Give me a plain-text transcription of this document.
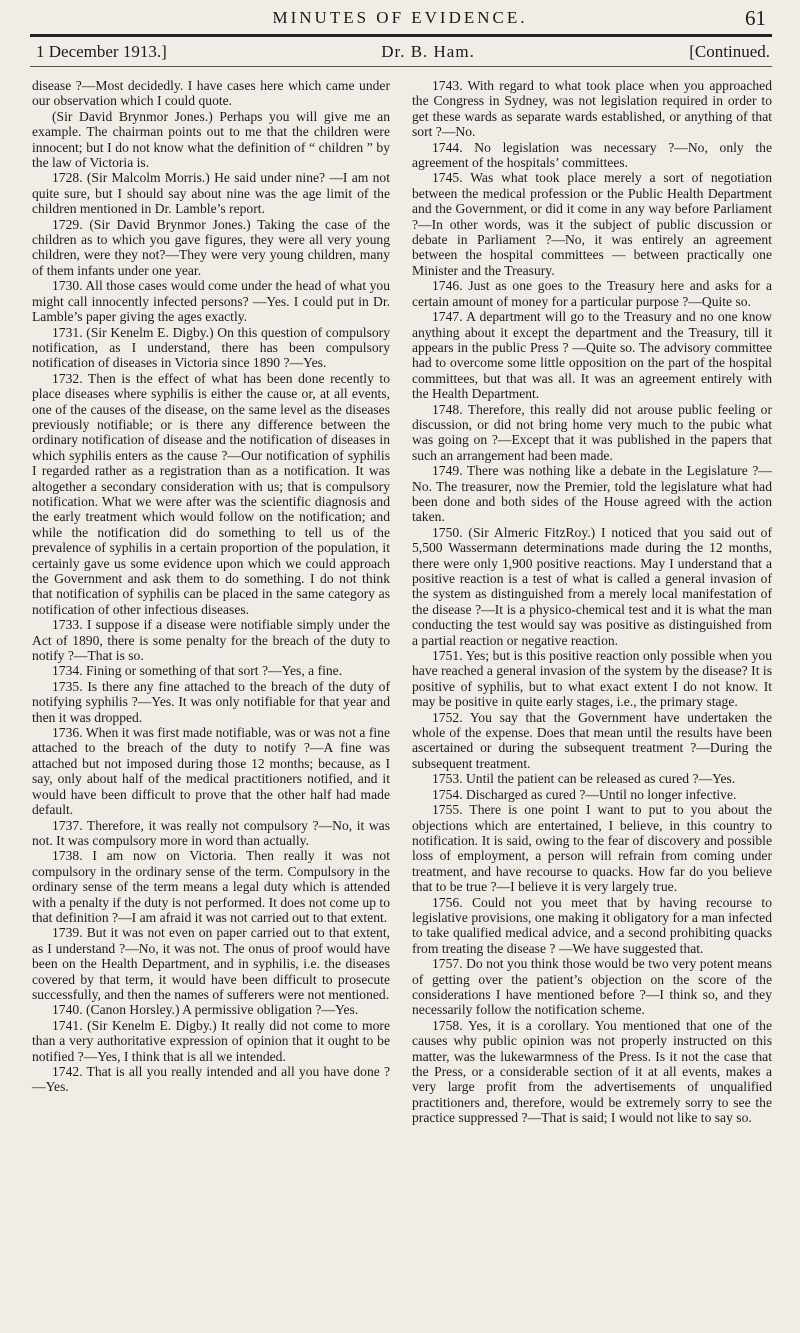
MINUTES OF EVIDENCE.	61
1 December 1913.]	Dr. B. Ham.	[Continued.

disease ?—Most decidedly. I have cases here which came under our observation which I could quote.

(Sir David Brynmor Jones.) Perhaps you will give me an example. The chairman points out to me that the children were innocent; but I do not know what the definition of “ children ” by the law of Victoria is.

1728. (Sir Malcolm Morris.) He said under nine? —I am not quite sure, but I should say about nine was the age limit of the children mentioned in Dr. Lamble’s report.

1729. (Sir David Brynmor Jones.) Taking the case of the children as to which you gave figures, they were all very young children, were they not?—They were very young children, many of them infants under one year.

1730. All those cases would come under the head of what you might call innocently infected persons? —Yes. I could put in Dr. Lamble’s paper giving the ages exactly.

1731. (Sir Kenelm E. Digby.) On this question of compulsory notification, as I understand, there has been compulsory notification of diseases in Victoria since 1890 ?—Yes.

1732. Then is the effect of what has been done recently to place diseases where syphilis is either the cause or, at all events, one of the causes of the disease, on the same level as the diseases previously notifiable; or is there any difference between the ordinary notification of disease and the notification of diseases in which syphilis enters as the cause ?—Our notification of syphilis I regarded rather as a registration than as a notification. It was altogether a secondary consideration with us; that is compulsory notification. What we were after was the scientific diagnosis and the early treatment which would follow on the notification; and while the notification did do something to tell us of the prevalence of syphilis in a certain proportion of the population, it certainly gave us some evidence upon which we could approach the Government and ask them to do something. I do not think that notification of syphilis can be placed in the same category as notification of other infectious diseases.

1733. I suppose if a disease were notifiable simply under the Act of 1890, there is some penalty for the breach of the duty to notify ?—That is so.

1734. Fining or something of that sort ?—Yes, a fine.

1735. Is there any fine attached to the breach of the duty of notifying syphilis ?—Yes. It was only notifiable for that year and then it was dropped.

1736. When it was first made notifiable, was or was not a fine attached to the breach of the duty to notify ?—A fine was attached but not imposed during those 12 months; because, as I say, only about half of the medical practitioners notified, and it would have been difficult to prove that the other half had made default.

1737. Therefore, it was really not compulsory ?—No, it was not. It was compulsory more in word than actually.

1738. I am now on Victoria. Then really it was not compulsory in the ordinary sense of the term. Compulsory in the ordinary sense of the term means a legal duty which is attended with a penalty if the duty is not performed. It does not come up to that definition ?—I am afraid it was not carried out to that extent.

1739. But it was not even on paper carried out to that extent, as I understand ?—No, it was not. The onus of proof would have been on the Health Department, and in syphilis, i.e. the diseases covered by that term, it would have been difficult to prosecute successfully, and then the names of sufferers were not mentioned.

1740. (Canon Horsley.) A permissive obligation ?—Yes.

1741. (Sir Kenelm E. Digby.) It really did not come to more than a very authoritative expression of opinion that it ought to be notified ?—Yes, I think that is all we intended.

1742. That is all you really intended and all you have done ?—Yes.

1743. With regard to what took place when you approached the Congress in Sydney, was not legislation required in order to get these wards as separate wards established, or anything of that sort ?—No.

1744. No legislation was necessary ?—No, only the agreement of the hospitals’ committees.

1745. Was what took place merely a sort of negotiation between the medical profession or the Public Health Department and the Government, or did it come in any way before Parliament ?—In other words, was it the subject of public discussion or debate in Parliament ?—No, it was entirely an agreement between the hospital committees — between practically one Minister and the Treasury.

1746. Just as one goes to the Treasury here and asks for a certain amount of money for a particular purpose ?—Quite so.

1747. A department will go to the Treasury and no one know anything about it except the department and the Treasury, till it appears in the public Press ? —Quite so. The advisory committee had to overcome some little opposition on the part of the hospital committees, but that was all. It was an agreement entirely with the Health Department.

1748. Therefore, this really did not arouse public feeling or discussion, or did not bring home very much to the pubic what was going on ?—Except that it was published in the papers that such an arrangement had been made.

1749. There was nothing like a debate in the Legislature ?—No. The treasurer, now the Premier, told the legislature what had been done and both sides of the House agreed with the action taken.

1750. (Sir Almeric FitzRoy.) I noticed that you said out of 5,500 Wassermann determinations made during the 12 months, there were only 1,900 positive reactions. May I understand that a positive reaction is a test of what is called a general invasion of the system as distinguished from a merely local manifestation of the disease ?—It is a physico-chemical test and it is what the man conducting the test would say was positive as distinguished from a partial reaction or negative reaction.

1751. Yes; but is this positive reaction only possible when you have reached a general invasion of the system by the disease? It is positive of syphilis, but to what exact extent I do not know. It may be positive in quite early stages, i.e., the primary stage.

1752. You say that the Government have undertaken the whole of the expense. Does that mean until the results have been ascertained or during the subsequent treatment ?—During the subsequent treatment.

1753. Until the patient can be released as cured ?—Yes.

1754. Discharged as cured ?—Until no longer infective.

1755. There is one point I want to put to you about the objections which are entertained, I believe, in this country to notification. It is said, owing to the fear of discovery and possible loss of employment, a person will refrain from coming under treatment, and have recourse to quacks. How far do you believe that to be true ?—I believe it is very largely true.

1756. Could not you meet that by having recourse to legislative provisions, one making it obligatory for a man infected to take qualified medical advice, and a second prohibiting quacks from treating the disease ? —We have suggested that.

1757. Do not you think those would be two very potent means of getting over the patient’s objection on the score of the considerations I have mentioned before ?—I think so, and they necessarily follow the notification scheme.

1758. Yes, it is a corollary. You mentioned that one of the causes why public opinion was not properly instructed on this matter, was the lukewarmness of the Press. Is it not the case that the Press, or a considerable section of it at all events, makes a very large profit from the advertisements of unqualified practitioners and, therefore, would be extremely sorry to see the practice suppressed ?—That is said; I would not like to say so.
